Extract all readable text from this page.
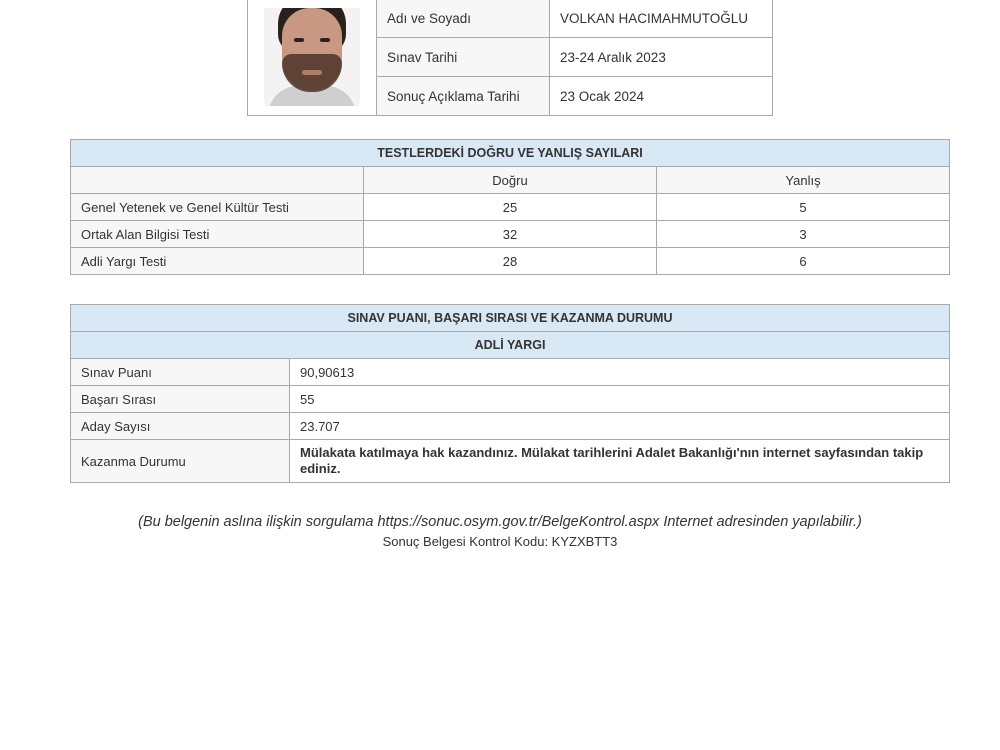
	Adı ve Soyadı	VOLKAN HACIMAHMUTOĞLU
	Sınav Tarihi	23-24 Aralık 2023
	Sonuç Açıklama Tarihi	23 Ocak 2024
TESTLERDEKİ DOĞRU VE YANLIŞ SAYILARI		
	Doğru	Yanlış
Genel Yetenek ve Genel Kültür Testi	25	5
Ortak Alan Bilgisi Testi	32	3
Adli Yargı Testi	28	6
SINAV PUANI, BAŞARI SIRASI VE KAZANMA DURUMU	
ADLİ YARGI	
Sınav Puanı	90,90613
Başarı Sırası	55
Aday Sayısı	23.707
Kazanma Durumu	Mülakata katılmaya hak kazandınız. Mülakat tarihlerini Adalet Bakanlığı'nın internet sayfasından takip ediniz.
(Bu belgenin aslına ilişkin sorgulama https://sonuc.osym.gov.tr/BelgeKontrol.aspx Internet adresinden yapılabilir.)
Sonuç Belgesi Kontrol Kodu: KYZXBTT3
